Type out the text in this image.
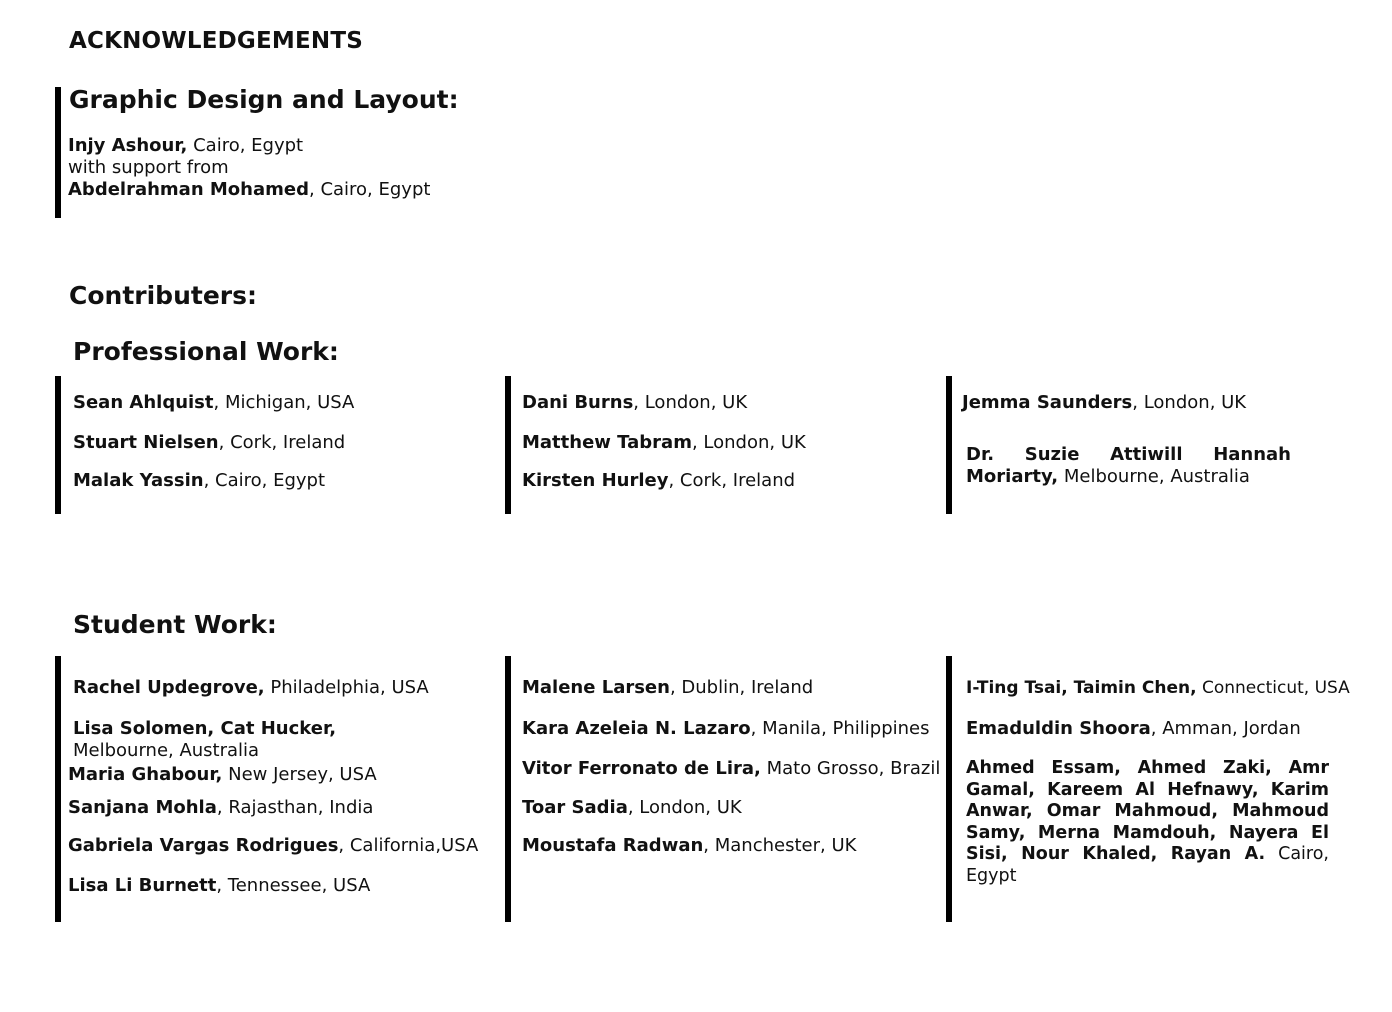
ACKNOWLEDGEMENTS
Graphic Design and Layout:
Injy Ashour, Cairo, Egypt
with support from
Abdelrahman Mohamed, Cairo, Egypt
Contributers:
Professional Work:
Sean Ahlquist, Michigan, USA
Stuart Nielsen, Cork, Ireland
Malak Yassin, Cairo, Egypt
Dani Burns, London, UK
Matthew Tabram, London, UK
Kirsten Hurley, Cork, Ireland
Jemma Saunders, London, UK
Dr. Suzie Attiwill Hannah Moriarty, Melbourne, Australia
Student Work:
Rachel Updegrove, Philadelphia, USA
Lisa Solomen, Cat Hucker, Melbourne, Australia
Maria Ghabour, New Jersey, USA
Sanjana Mohla, Rajasthan, India
Gabriela Vargas Rodrigues, California,USA
Lisa Li Burnett, Tennessee, USA
Malene Larsen, Dublin, Ireland
Kara Azeleia N. Lazaro, Manila, Philippines
Vitor Ferronato de Lira, Mato Grosso, Brazil
Toar Sadia, London, UK
Moustafa Radwan, Manchester, UK
I-Ting Tsai, Taimin Chen, Connecticut, USA
Emaduldin Shoora, Amman, Jordan
Ahmed Essam, Ahmed Zaki, Amr Gamal, Kareem Al Hefnawy, Karim Anwar, Omar Mahmoud, Mahmoud Samy, Merna Mamdouh, Nayera El Sisi, Nour Khaled, Rayan A. Cairo, Egypt
